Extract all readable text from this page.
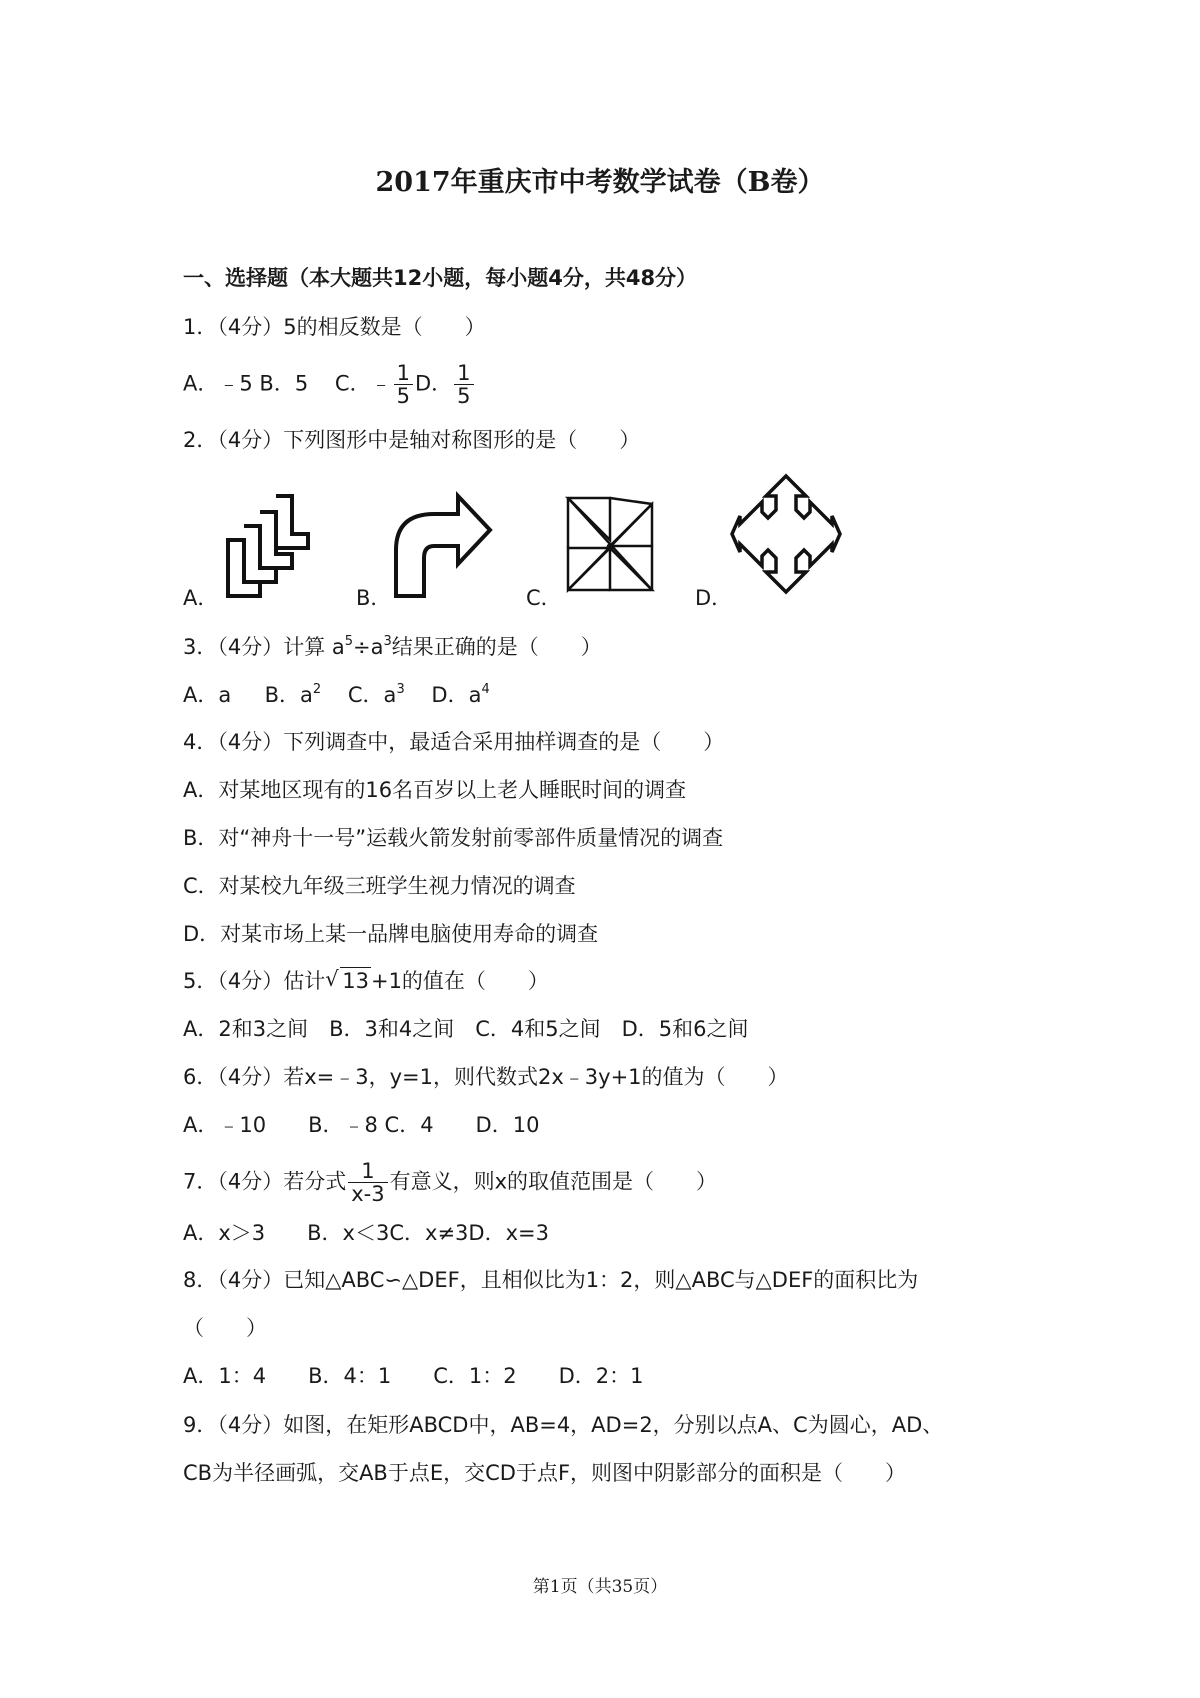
2017年重庆市中考数学试卷（B卷）
一、选择题（本大题共12小题，每小题4分，共48分）
1．（4分）5的相反数是（　　）
A．﹣5 B．5 C．﹣ $\frac{1}{5}$ D． $\frac{1}{5}$
2．（4分）下列图形中是轴对称图形的是（　　）
A．	B．	C．	D．
3．（4分）计算 $a^5\div a^3$结果正确的是（　　）
A．a B．$a^2$ C．$a^3$ D．$a^4$
4．（4分）下列调查中，最适合采用抽样调查的是（　　）
A．对某地区现有的16名百岁以上老人睡眠时间的调查
B．对“神舟十一号”运载火箭发射前零部件质量情况的调查
C．对某校九年级三班学生视力情况的调查
D．对某市场上某一品牌电脑使用寿命的调查
5．（4分）估计 √ 13+1的值在（　　）
A．2和3之间　B．3和4之间　C．4和5之间　D．5和6之间
6．（4分）若x=﹣3，y=1，则代数式2x﹣3y+1的值为（　　）
A．﹣10　　B．﹣8 C．4　　D．10
7．（4分）若分式 $\frac{1}{x-3}$ 有意义，则x的取值范围是（　　）
A．x＞3　　B．x＜3C．x≠3D．x=3
8．（4分）已知△ABC∽△DEF，且相似比为1：2，则△ABC与△DEF的面积比为
（　　）
A．1：4　　B．4：1　　C．1：2　　D．2：1
9．（4分）如图，在矩形ABCD中，AB=4，AD=2，分别以点A、C为圆心，AD、
CB为半径画弧，交AB于点E，交CD于点F，则图中阴影部分的面积是（　　）
第1页（共35页）
